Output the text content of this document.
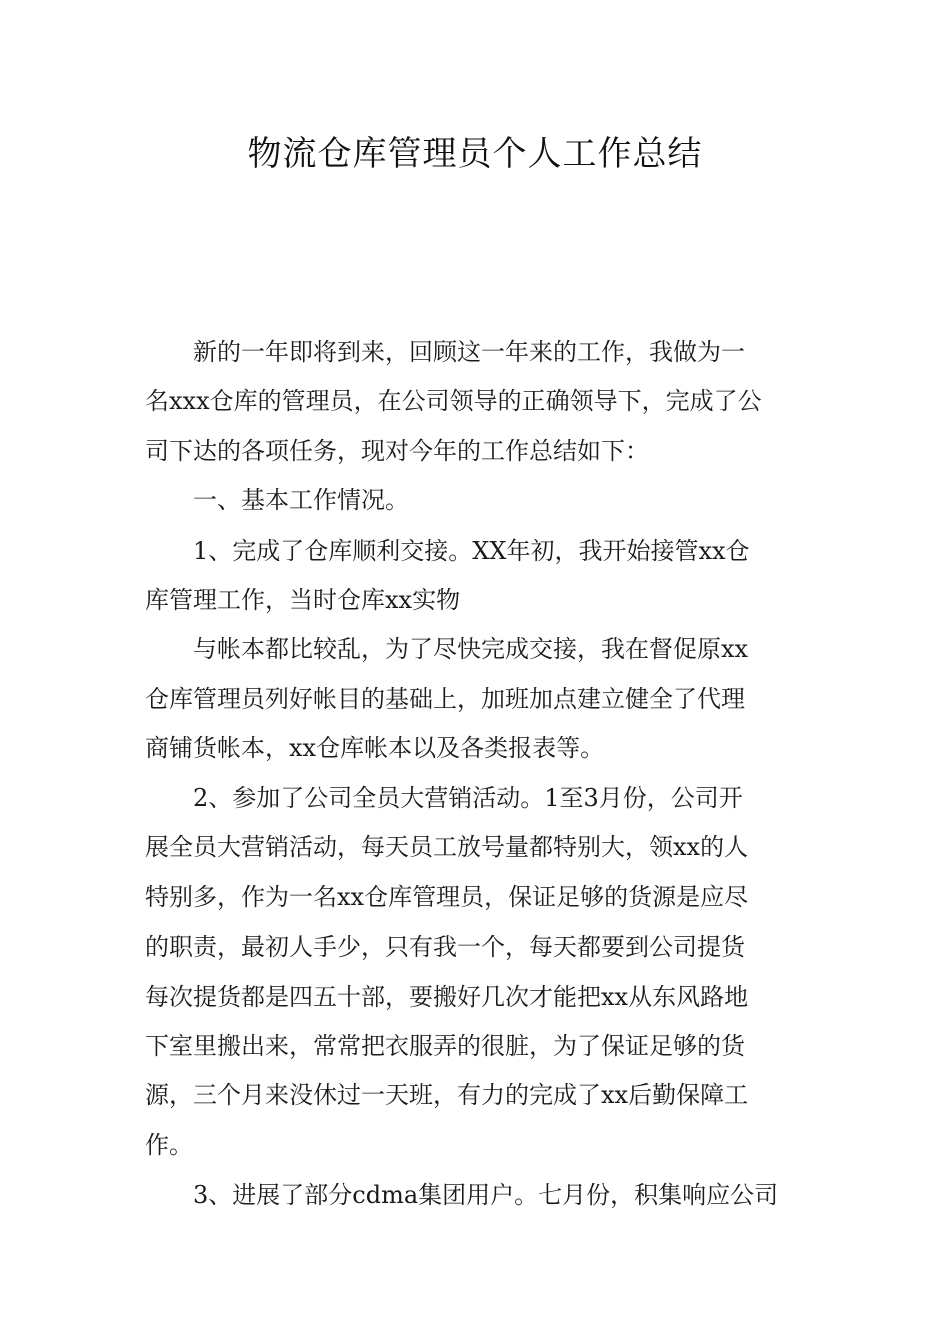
物流仓库管理员个人工作总结
　　新的一年即将到来，回顾这一年来的工作，我做为一
名xxx仓库的管理员，在公司领导的正确领导下，完成了公
司下达的各项任务，现对今年的工作总结如下：
　　一、基本工作情况。
　　1、完成了仓库顺利交接。XX年初，我开始接管xx仓
库管理工作，当时仓库xx实物
　　与帐本都比较乱，为了尽快完成交接，我在督促原xx
仓库管理员列好帐目的基础上，加班加点建立健全了代理
商铺货帐本，xx仓库帐本以及各类报表等。
　　2、参加了公司全员大营销活动。1至3月份，公司开
展全员大营销活动，每天员工放号量都特别大，领xx的人
特别多，作为一名xx仓库管理员，保证足够的货源是应尽
的职责，最初人手少，只有我一个，每天都要到公司提货
每次提货都是四五十部，要搬好几次才能把xx从东风路地
下室里搬出来，常常把衣服弄的很脏，为了保证足够的货
源，三个月来没休过一天班，有力的完成了xx后勤保障工
作。
　　3、进展了部分cdma集团用户。七月份，积集响应公司
